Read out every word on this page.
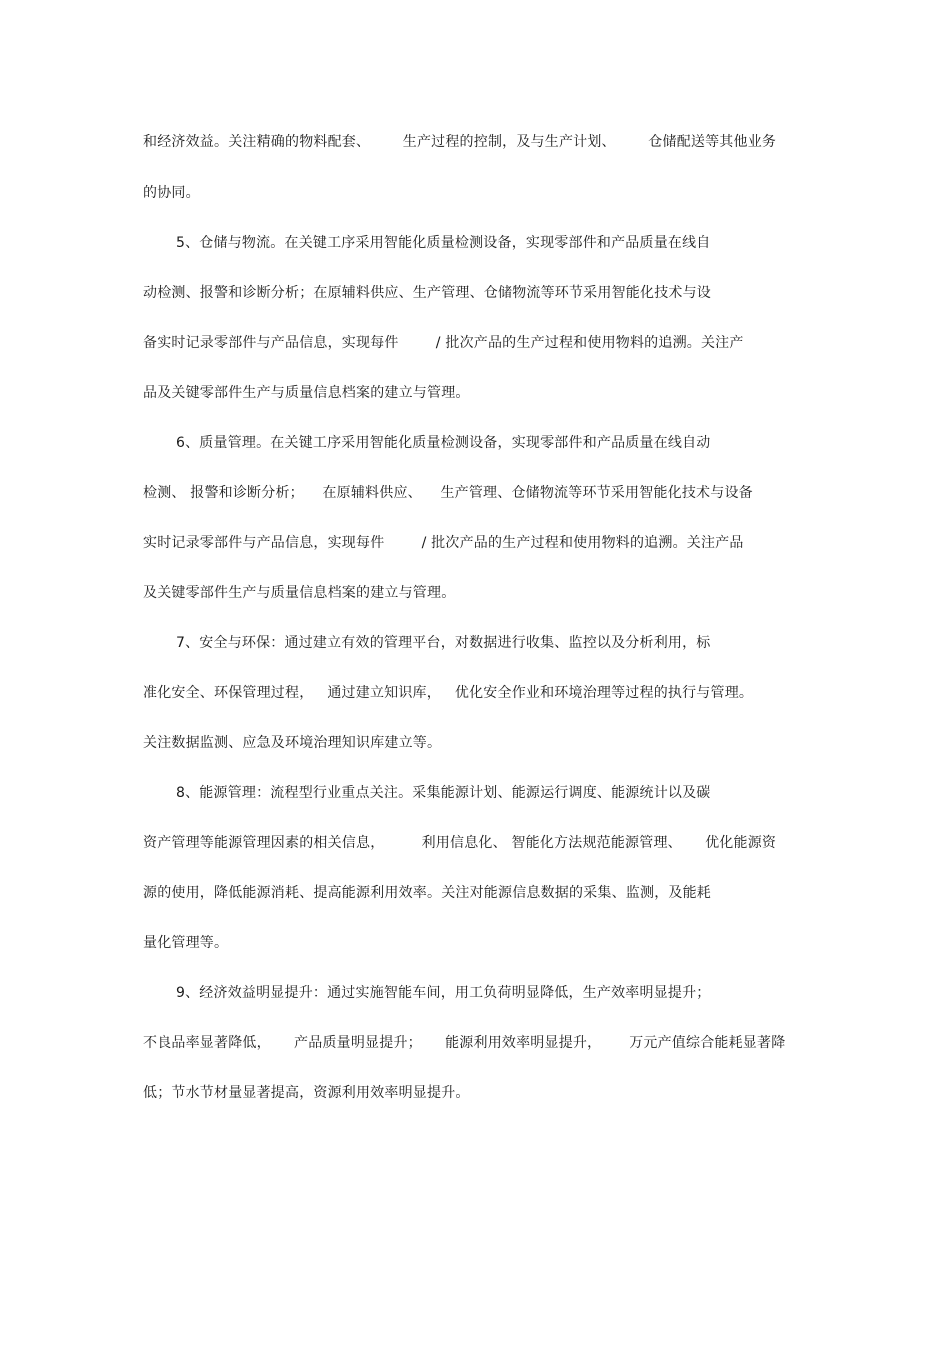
和经济效益。关注精确的物料配套、       生产过程的控制，及与生产计划、       仓储配送等其他业务
的协同。
5、仓储与物流。在关键工序采用智能化质量检测设备，实现零部件和产品质量在线自
动检测、报警和诊断分析；在原辅料供应、生产管理、仓储物流等环节采用智能化技术与设
备实时记录零部件与产品信息，实现每件        / 批次产品的生产过程和使用物料的追溯。关注产
品及关键零部件生产与质量信息档案的建立与管理。
6、质量管理。在关键工序采用智能化质量检测设备，实现零部件和产品质量在线自动
检测、 报警和诊断分析；    在原辅料供应、    生产管理、仓储物流等环节采用智能化技术与设备
实时记录零部件与产品信息，实现每件        / 批次产品的生产过程和使用物料的追溯。关注产品
及关键零部件生产与质量信息档案的建立与管理。
7、安全与环保：通过建立有效的管理平台，对数据进行收集、监控以及分析利用，标
准化安全、环保管理过程，   通过建立知识库，   优化安全作业和环境治理等过程的执行与管理。
关注数据监测、应急及环境治理知识库建立等。
8、能源管理：流程型行业重点关注。采集能源计划、能源运行调度、能源统计以及碳
资产管理等能源管理因素的相关信息，        利用信息化、 智能化方法规范能源管理、     优化能源资
源的使用，降低能源消耗、提高能源利用效率。关注对能源信息数据的采集、监测，及能耗
量化管理等。
9、经济效益明显提升：通过实施智能车间，用工负荷明显降低，生产效率明显提升；
不良品率显著降低，     产品质量明显提升；     能源利用效率明显提升，      万元产值综合能耗显著降
低；节水节材量显著提高，资源利用效率明显提升。
